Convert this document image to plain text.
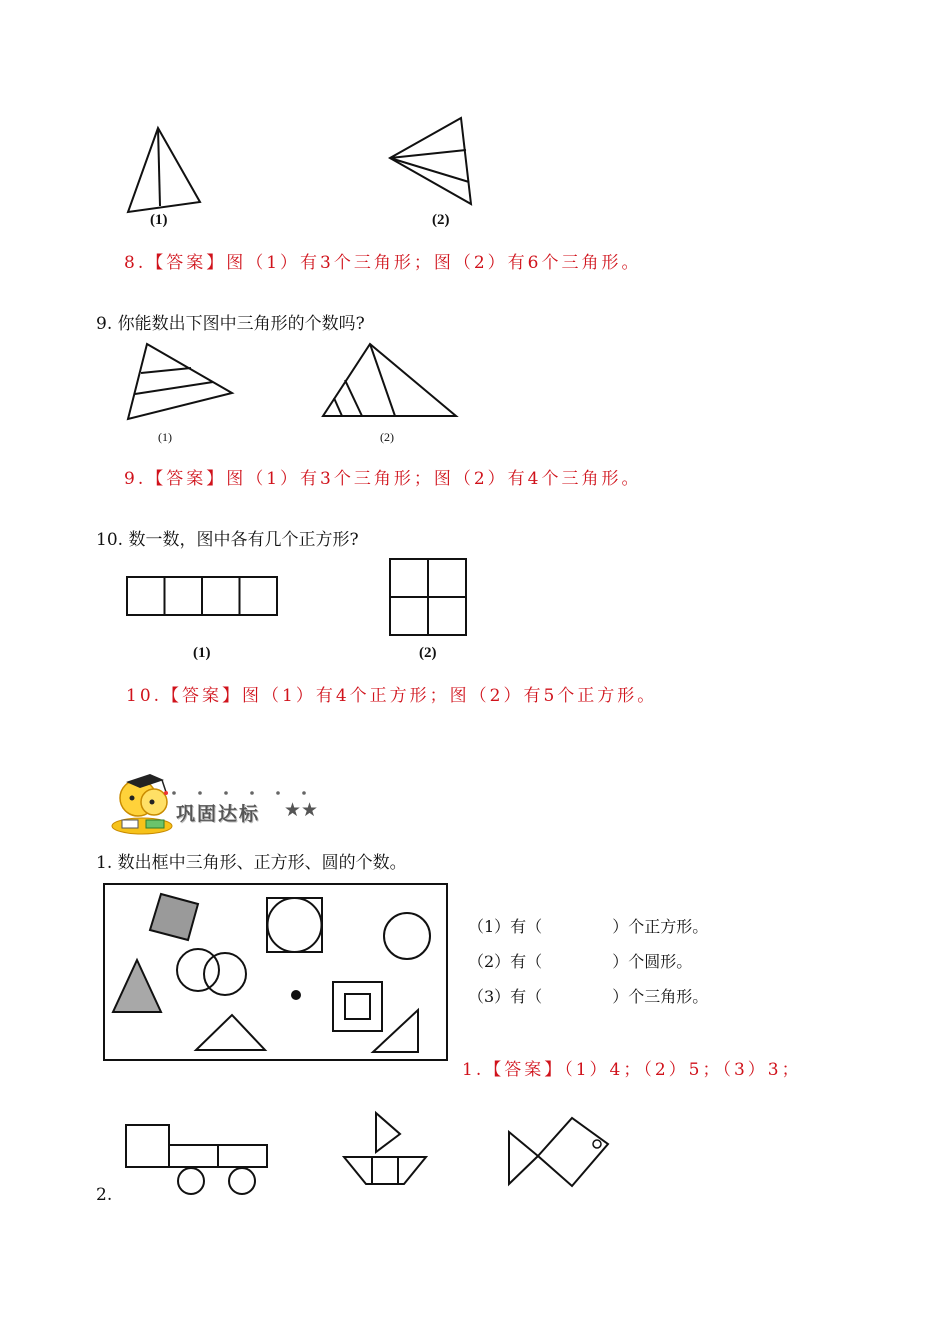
(1)	(2)
8.【答案】图（1）有3个三角形；图（2）有6个三角形。
9. 你能数出下图中三角形的个数吗?
(1)	(2)
9.【答案】图（1）有3个三角形；图（2）有4个三角形。
10. 数一数，图中各有几个正方形?
(1)	(2)
10.【答案】图（1）有4个正方形；图（2）有5个正方形。
巩固达标 ★★
1. 数出框中三角形、正方形、圆的个数。
（1）有（	）个正方形。
（2）有（	）个圆形。
（3）有（	）个三角形。
1.【答案】（1）4；（2）5；（3）3；
2.
